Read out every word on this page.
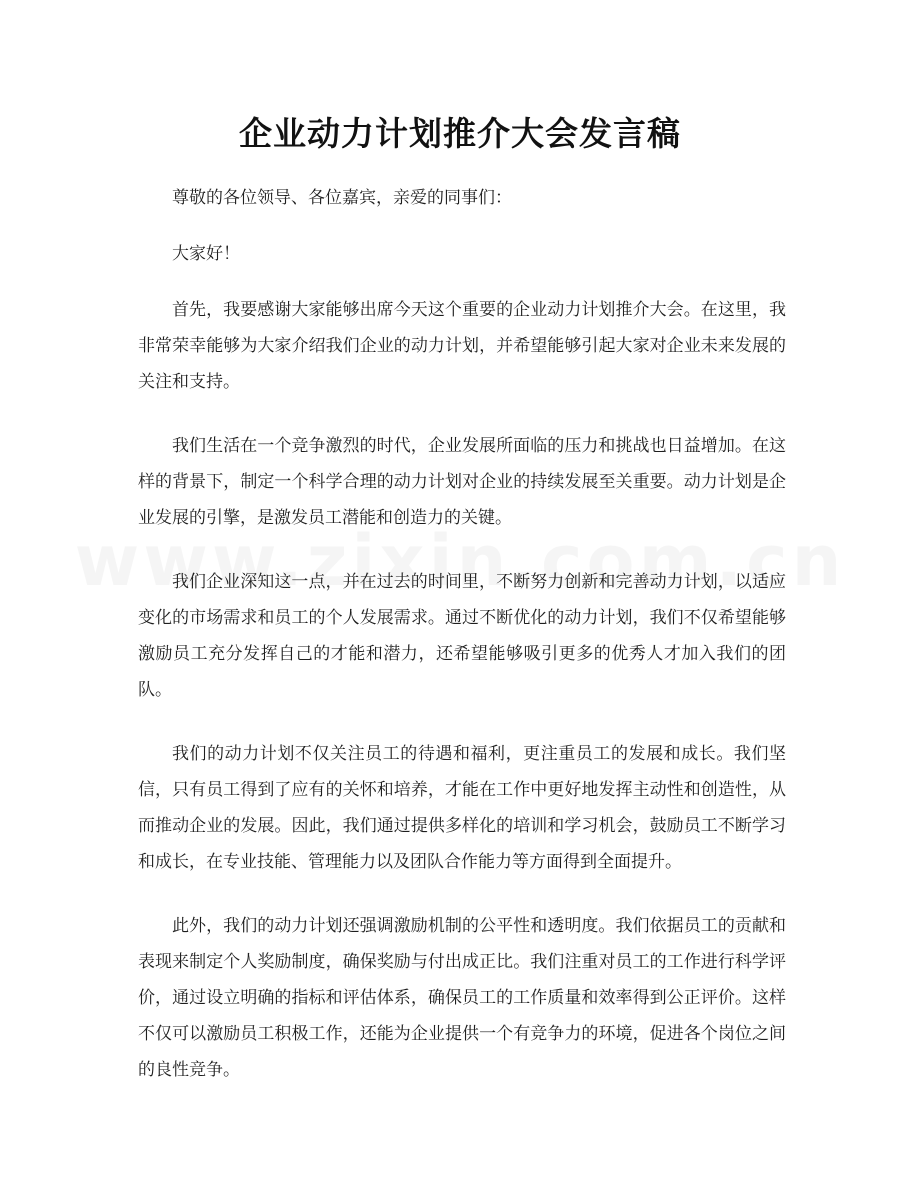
企业动力计划推介大会发言稿

尊敬的各位领导、各位嘉宾，亲爱的同事们：

大家好！

首先，我要感谢大家能够出席今天这个重要的企业动力计划推介大会。在这里，我非常荣幸能够为大家介绍我们企业的动力计划，并希望能够引起大家对企业未来发展的关注和支持。

我们生活在一个竞争激烈的时代，企业发展所面临的压力和挑战也日益增加。在这样的背景下，制定一个科学合理的动力计划对企业的持续发展至关重要。动力计划是企业发展的引擎，是激发员工潜能和创造力的关键。

我们企业深知这一点，并在过去的时间里，不断努力创新和完善动力计划，以适应变化的市场需求和员工的个人发展需求。通过不断优化的动力计划，我们不仅希望能够激励员工充分发挥自己的才能和潜力，还希望能够吸引更多的优秀人才加入我们的团队。

我们的动力计划不仅关注员工的待遇和福利，更注重员工的发展和成长。我们坚信，只有员工得到了应有的关怀和培养，才能在工作中更好地发挥主动性和创造性，从而推动企业的发展。因此，我们通过提供多样化的培训和学习机会，鼓励员工不断学习和成长，在专业技能、管理能力以及团队合作能力等方面得到全面提升。

此外，我们的动力计划还强调激励机制的公平性和透明度。我们依据员工的贡献和表现来制定个人奖励制度，确保奖励与付出成正比。我们注重对员工的工作进行科学评价，通过设立明确的指标和评估体系，确保员工的工作质量和效率得到公正评价。这样不仅可以激励员工积极工作，还能为企业提供一个有竞争力的环境，促进各个岗位之间的良性竞争。
